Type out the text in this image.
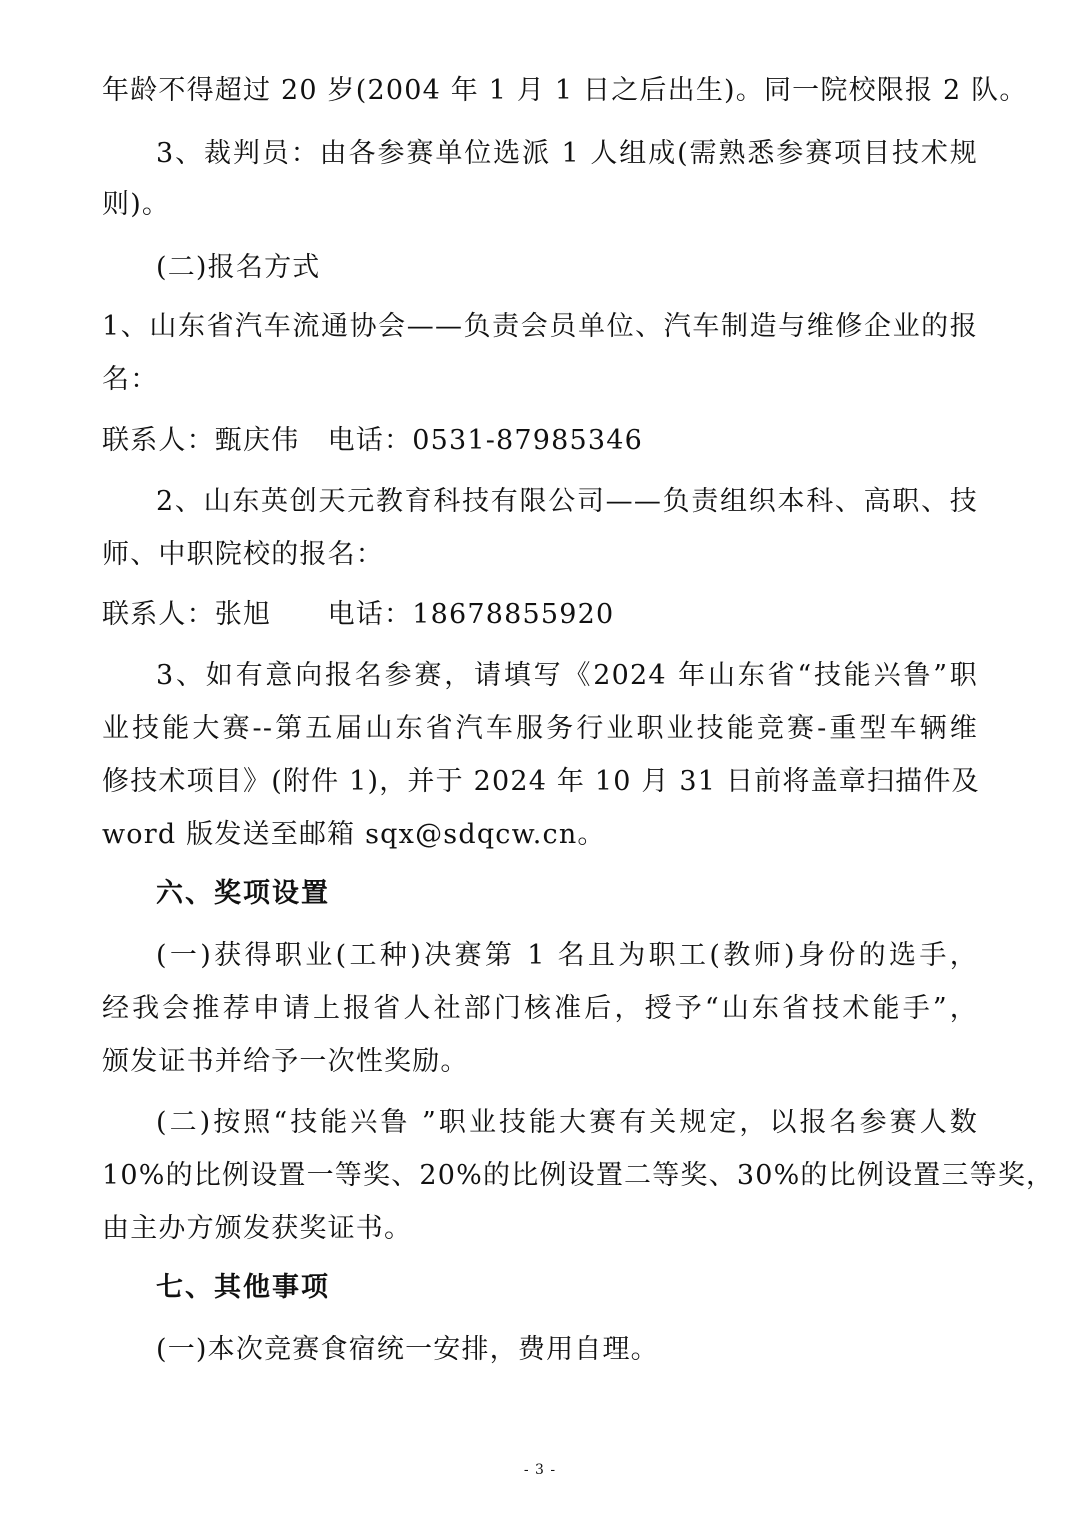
年龄不得超过 20 岁(2004 年 1 月 1 日之后出生)。同一院校限报 2 队。
3、裁判员：由各参赛单位选派 1 人组成(需熟悉参赛项目技术规
则)。
(二)报名方式
1、山东省汽车流通协会——负责会员单位、汽车制造与维修企业的报
名：
联系人：甄庆伟　电话：0531-87985346
2、山东英创天元教育科技有限公司——负责组织本科、高职、技
师、中职院校的报名：
联系人：张旭　　电话：18678855920
3、如有意向报名参赛，请填写《2024 年山东省“技能兴鲁”职
业技能大赛--第五届山东省汽车服务行业职业技能竞赛-重型车辆维
修技术项目》(附件 1)，并于 2024 年 10 月 31 日前将盖章扫描件及
word 版发送至邮箱 sqx@sdqcw.cn。
六、奖项设置
(一)获得职业(工种)决赛第 1 名且为职工(教师)身份的选手，
经我会推荐申请上报省人社部门核准后，授予“山东省技术能手”，
颁发证书并给予一次性奖励。
(二)按照“技能兴鲁 ”职业技能大赛有关规定，以报名参赛人数
10%的比例设置一等奖、20%的比例设置二等奖、30%的比例设置三等奖，
由主办方颁发获奖证书。
七、其他事项
(一)本次竞赛食宿统一安排，费用自理。
- 3 -
